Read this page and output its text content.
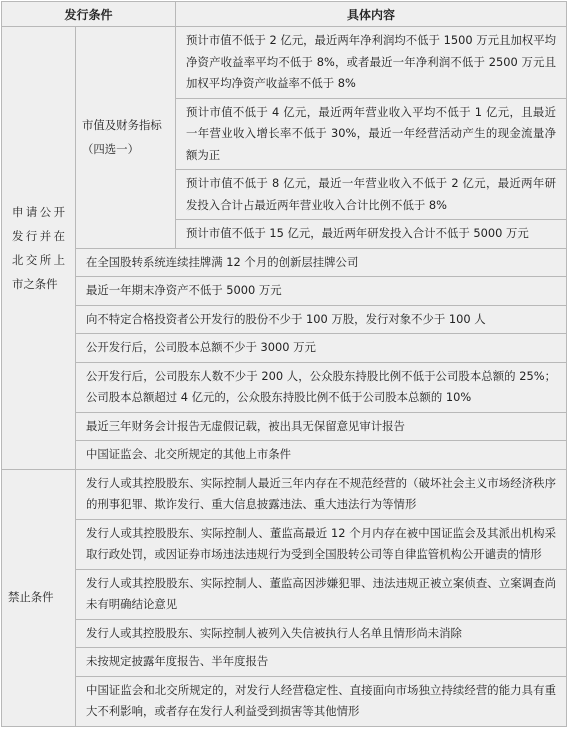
发行条件		具体内容

申请公开发行并在北交所上市之条件	市值及财务指标（四选一）	预计市值不低于 2 亿元，最近两年净利润均不低于 1500 万元且加权平均净资产收益率平均不低于 8%，或者最近一年净利润不低于 2500 万元且加权平均净资产收益率不低于 8%

		预计市值不低于 4 亿元，最近两年营业收入平均不低于 1 亿元，且最近一年营业收入增长率不低于 30%，最近一年经营活动产生的现金流量净额为正

		预计市值不低于 8 亿元，最近一年营业收入不低于 2 亿元，最近两年研发投入合计占最近两年营业收入合计比例不低于 8%

		预计市值不低于 15 亿元，最近两年研发投入合计不低于 5000 万元

	在全国股转系统连续挂牌满 12 个月的创新层挂牌公司	

	最近一年期末净资产不低于 5000 万元	

	向不特定合格投资者公开发行的股份不少于 100 万股，发行对象不少于 100 人	

	公开发行后，公司股本总额不少于 3000 万元	

	公开发行后，公司股东人数不少于 200 人，公众股东持股比例不低于公司股本总额的 25%；公司股本总额超过 4 亿元的，公众股东持股比例不低于公司股本总额的 10%	

	最近三年财务会计报告无虚假记载，被出具无保留意见审计报告	

	中国证监会、北交所规定的其他上市条件	

禁止条件	发行人或其控股股东、实际控制人最近三年内存在不规范经营的（破坏社会主义市场经济秩序的刑事犯罪、欺诈发行、重大信息披露违法、重大违法行为等情形	

	发行人或其控股股东、实际控制人、董监高最近 12 个月内存在被中国证监会及其派出机构采取行政处罚，或因证券市场违法违规行为受到全国股转公司等自律监管机构公开谴责的情形	

	发行人或其控股股东、实际控制人、董监高因涉嫌犯罪、违法违规正被立案侦查、立案调查尚未有明确结论意见	

	发行人或其控股股东、实际控制人被列入失信被执行人名单且情形尚未消除	

	未按规定披露年度报告、半年度报告	

	中国证监会和北交所规定的，对发行人经营稳定性、直接面向市场独立持续经营的能力具有重大不利影响，或者存在发行人利益受到损害等其他情形	
